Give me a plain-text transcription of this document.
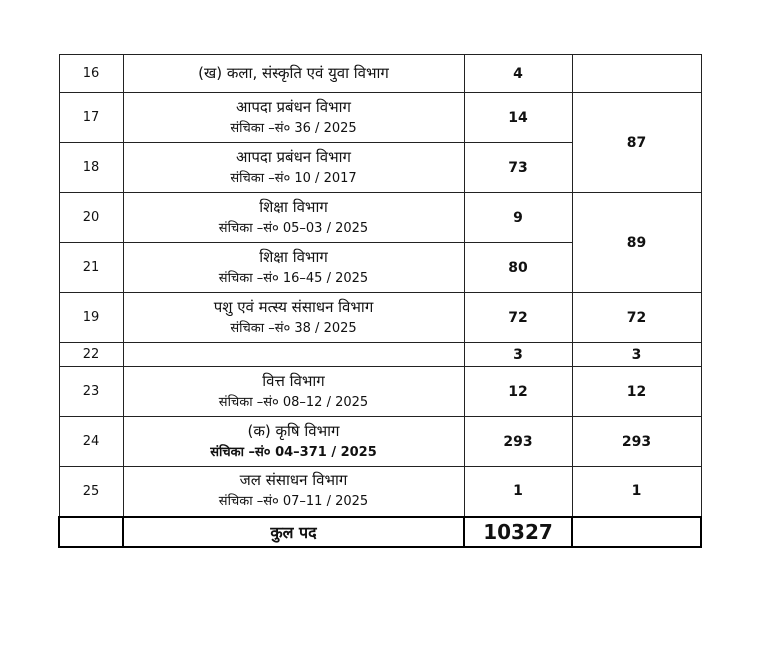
16	(ख) कला, संस्कृति एवं युवा विभाग	4	
17	आपदा प्रबंधन विभाग
संचिका –सं० 36 / 2025	14	87
18	आपदा प्रबंधन विभाग
संचिका –सं० 10 / 2017	73	
20	शिक्षा विभाग
संचिका –सं० 05–03 / 2025	9	89
21	शिक्षा विभाग
संचिका –सं० 16–45 / 2025	80	
19	पशु एवं मत्स्य संसाधन विभाग
संचिका –सं० 38 / 2025	72	72
22		3	3
23	वित्त विभाग
संचिका –सं० 08–12 / 2025	12	12
24	(क) कृषि विभाग
संचिका –सं० 04–371 / 2025	293	293
25	जल संसाधन विभाग
संचिका –सं० 07–11 / 2025	1	1
	कुल पद	10327	
